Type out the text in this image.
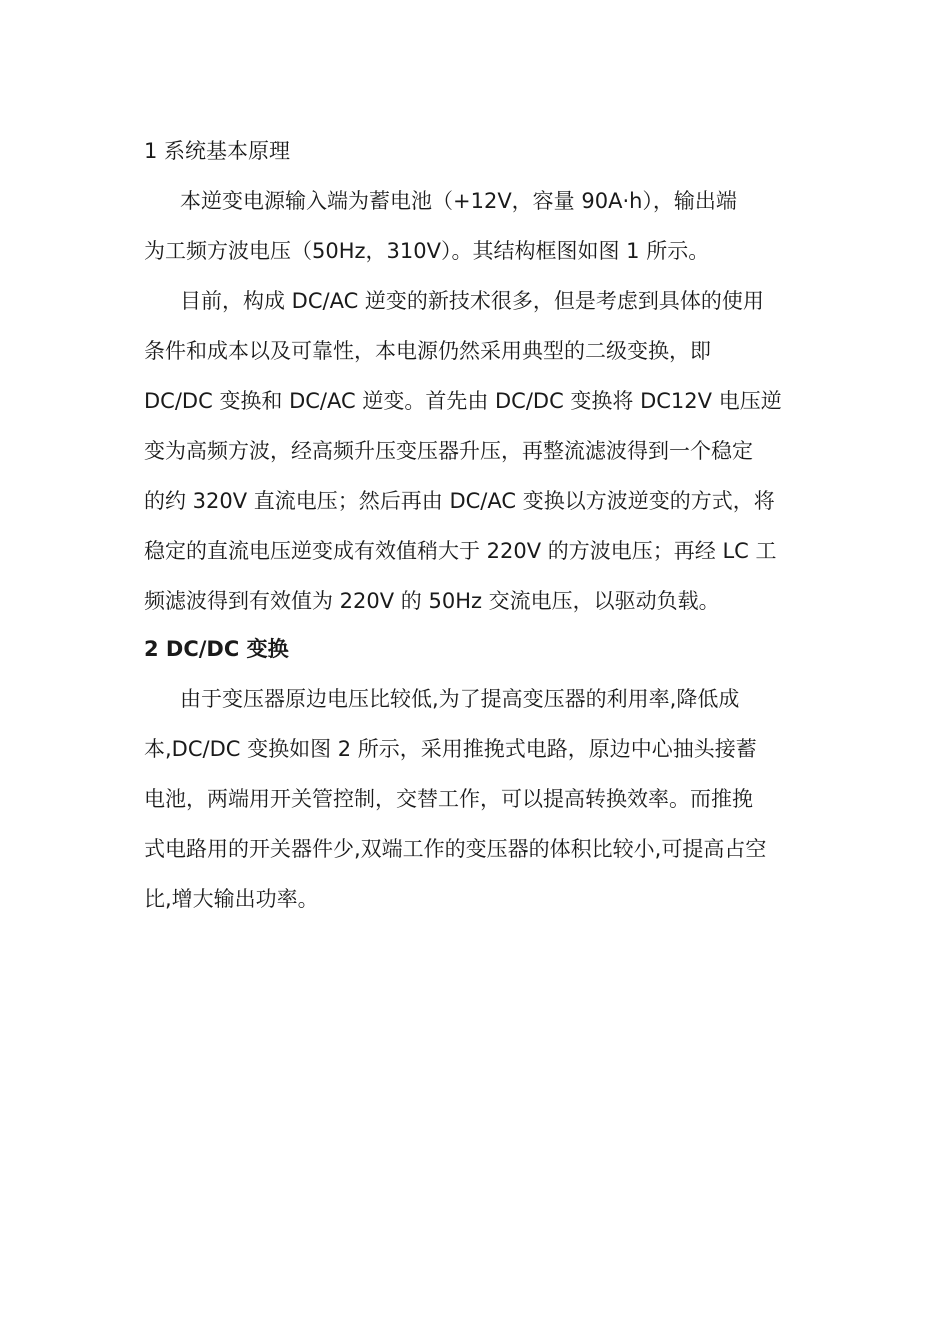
1 系统基本原理
本逆变电源输入端为蓄电池（+12V，容量 90A·h），输出端
为工频方波电压（50Hz，310V）。其结构框图如图 1 所示。
目前，构成 DC/AC 逆变的新技术很多，但是考虑到具体的使用
条件和成本以及可靠性，本电源仍然采用典型的二级变换，即
DC/DC 变换和 DC/AC 逆变。首先由 DC/DC 变换将 DC12V 电压逆
变为高频方波，经高频升压变压器升压，再整流滤波得到一个稳定
的约 320V 直流电压；然后再由 DC/AC 变换以方波逆变的方式，将
稳定的直流电压逆变成有效值稍大于 220V 的方波电压；再经 LC 工
频滤波得到有效值为 220V 的 50Hz 交流电压，以驱动负载。
2 DC/DC 变换
由于变压器原边电压比较低,为了提高变压器的利用率,降低成
本,DC/DC 变换如图 2 所示，采用推挽式电路，原边中心抽头接蓄
电池，两端用开关管控制，交替工作，可以提高转换效率。而推挽
式电路用的开关器件少,双端工作的变压器的体积比较小,可提高占空
比,增大输出功率。
